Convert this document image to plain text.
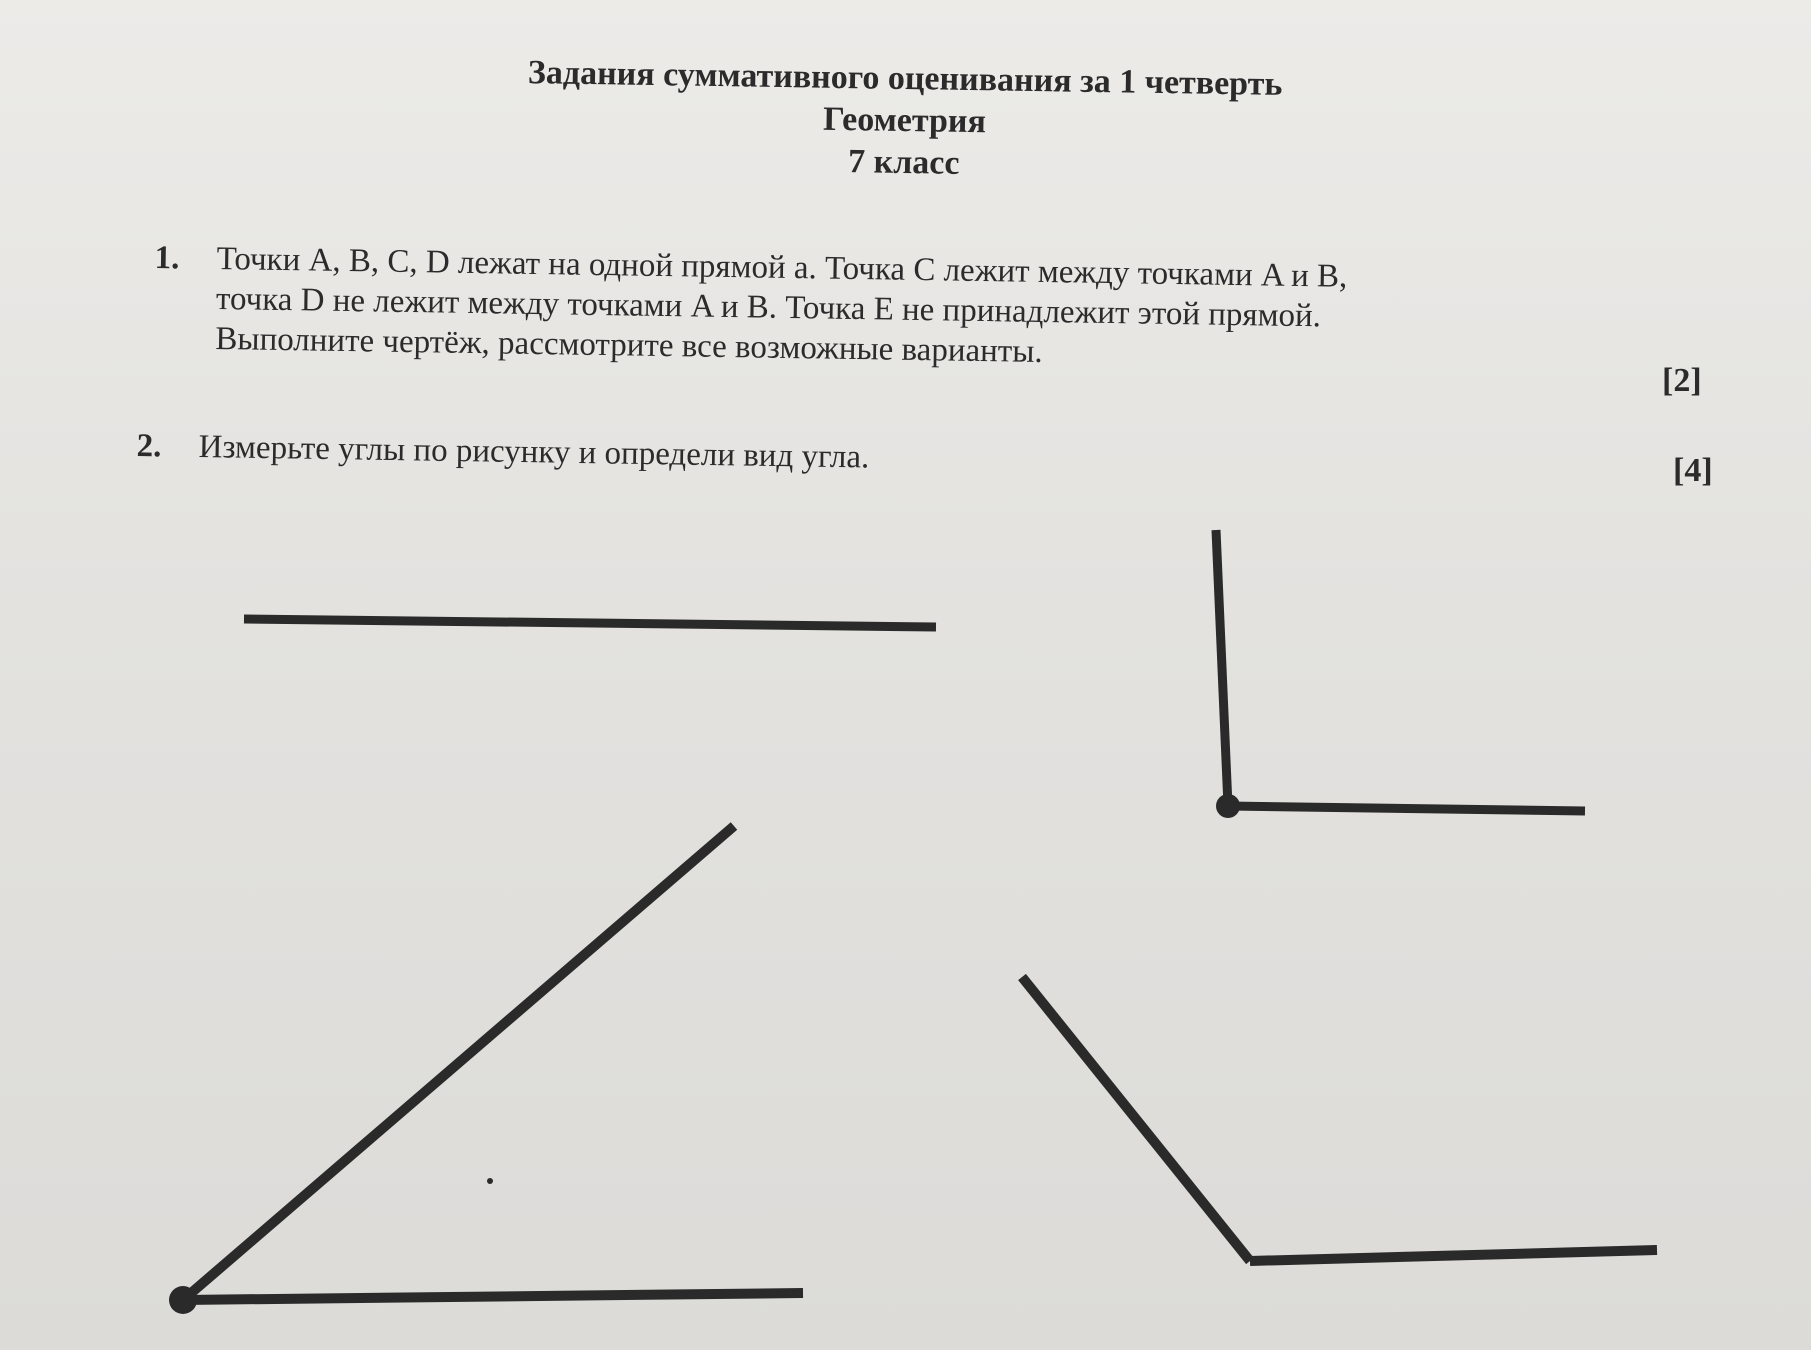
Задания суммативного оценивания за 1 четверть
Геометрия
7 класс
1. Точки A, B, C, D лежат на одной прямой a. Точка C лежит между точками A и B,
точка D не лежит между точками A и B. Точка E не принадлежит этой прямой.
Выполните чертёж, рассмотрите все возможные варианты.
[2]
2. Измерьте углы по рисунку и определи вид угла.	[4]
